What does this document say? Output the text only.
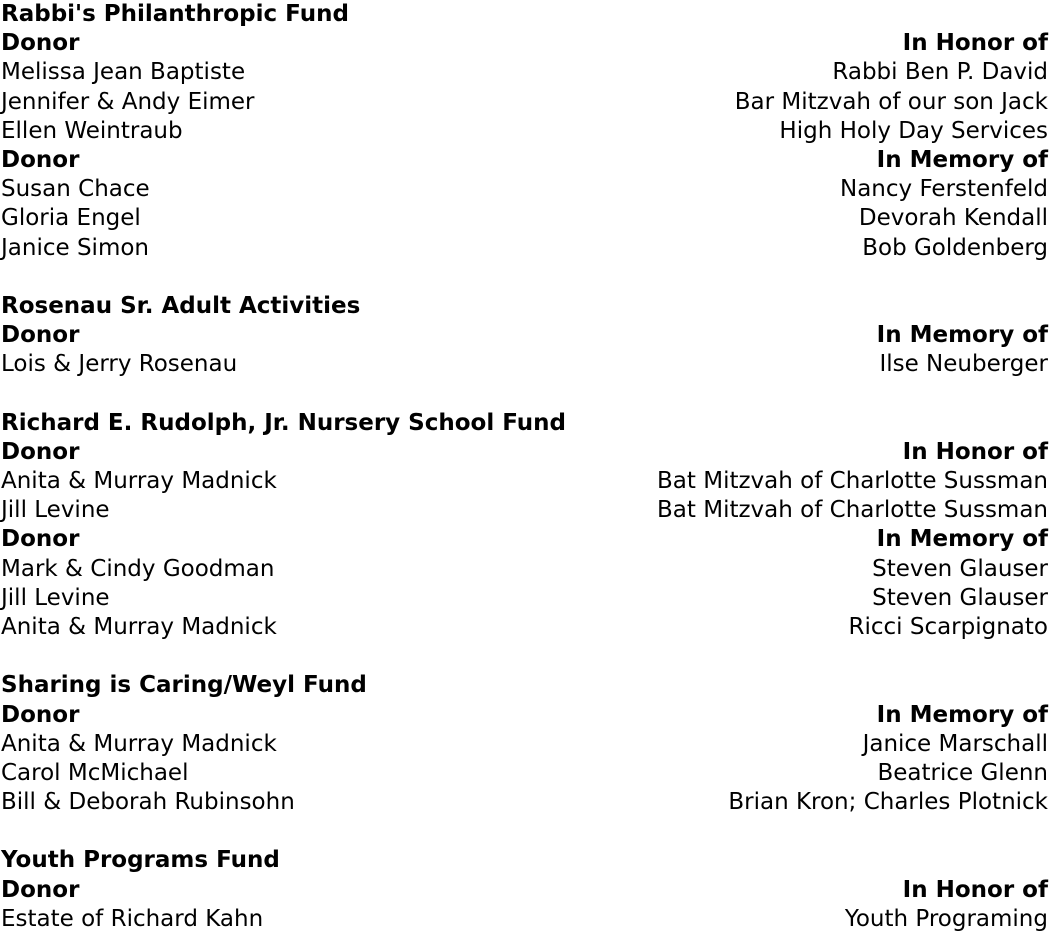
Rabbi's Philanthropic Fund
Donor	In Honor of
Melissa Jean Baptiste	Rabbi Ben P. David
Jennifer & Andy Eimer	Bar Mitzvah of our son Jack
Ellen Weintraub	High Holy Day Services
Donor	In Memory of
Susan Chace	Nancy Ferstenfeld
Gloria Engel	Devorah Kendall
Janice Simon	Bob Goldenberg
Rosenau Sr. Adult Activities
Donor	In Memory of
Lois & Jerry Rosenau	Ilse Neuberger
Richard E. Rudolph, Jr. Nursery School Fund
Donor	In Honor of
Anita & Murray Madnick	Bat Mitzvah of Charlotte Sussman
Jill Levine	Bat Mitzvah of Charlotte Sussman
Donor	In Memory of
Mark & Cindy Goodman	Steven Glauser
Jill Levine	Steven Glauser
Anita & Murray Madnick	Ricci Scarpignato
Sharing is Caring/Weyl Fund
Donor	In Memory of
Anita & Murray Madnick	Janice Marschall
Carol McMichael	Beatrice Glenn
Bill & Deborah Rubinsohn	Brian Kron; Charles Plotnick
Youth Programs Fund
Donor	In Honor of
Estate of Richard Kahn	Youth Programing
